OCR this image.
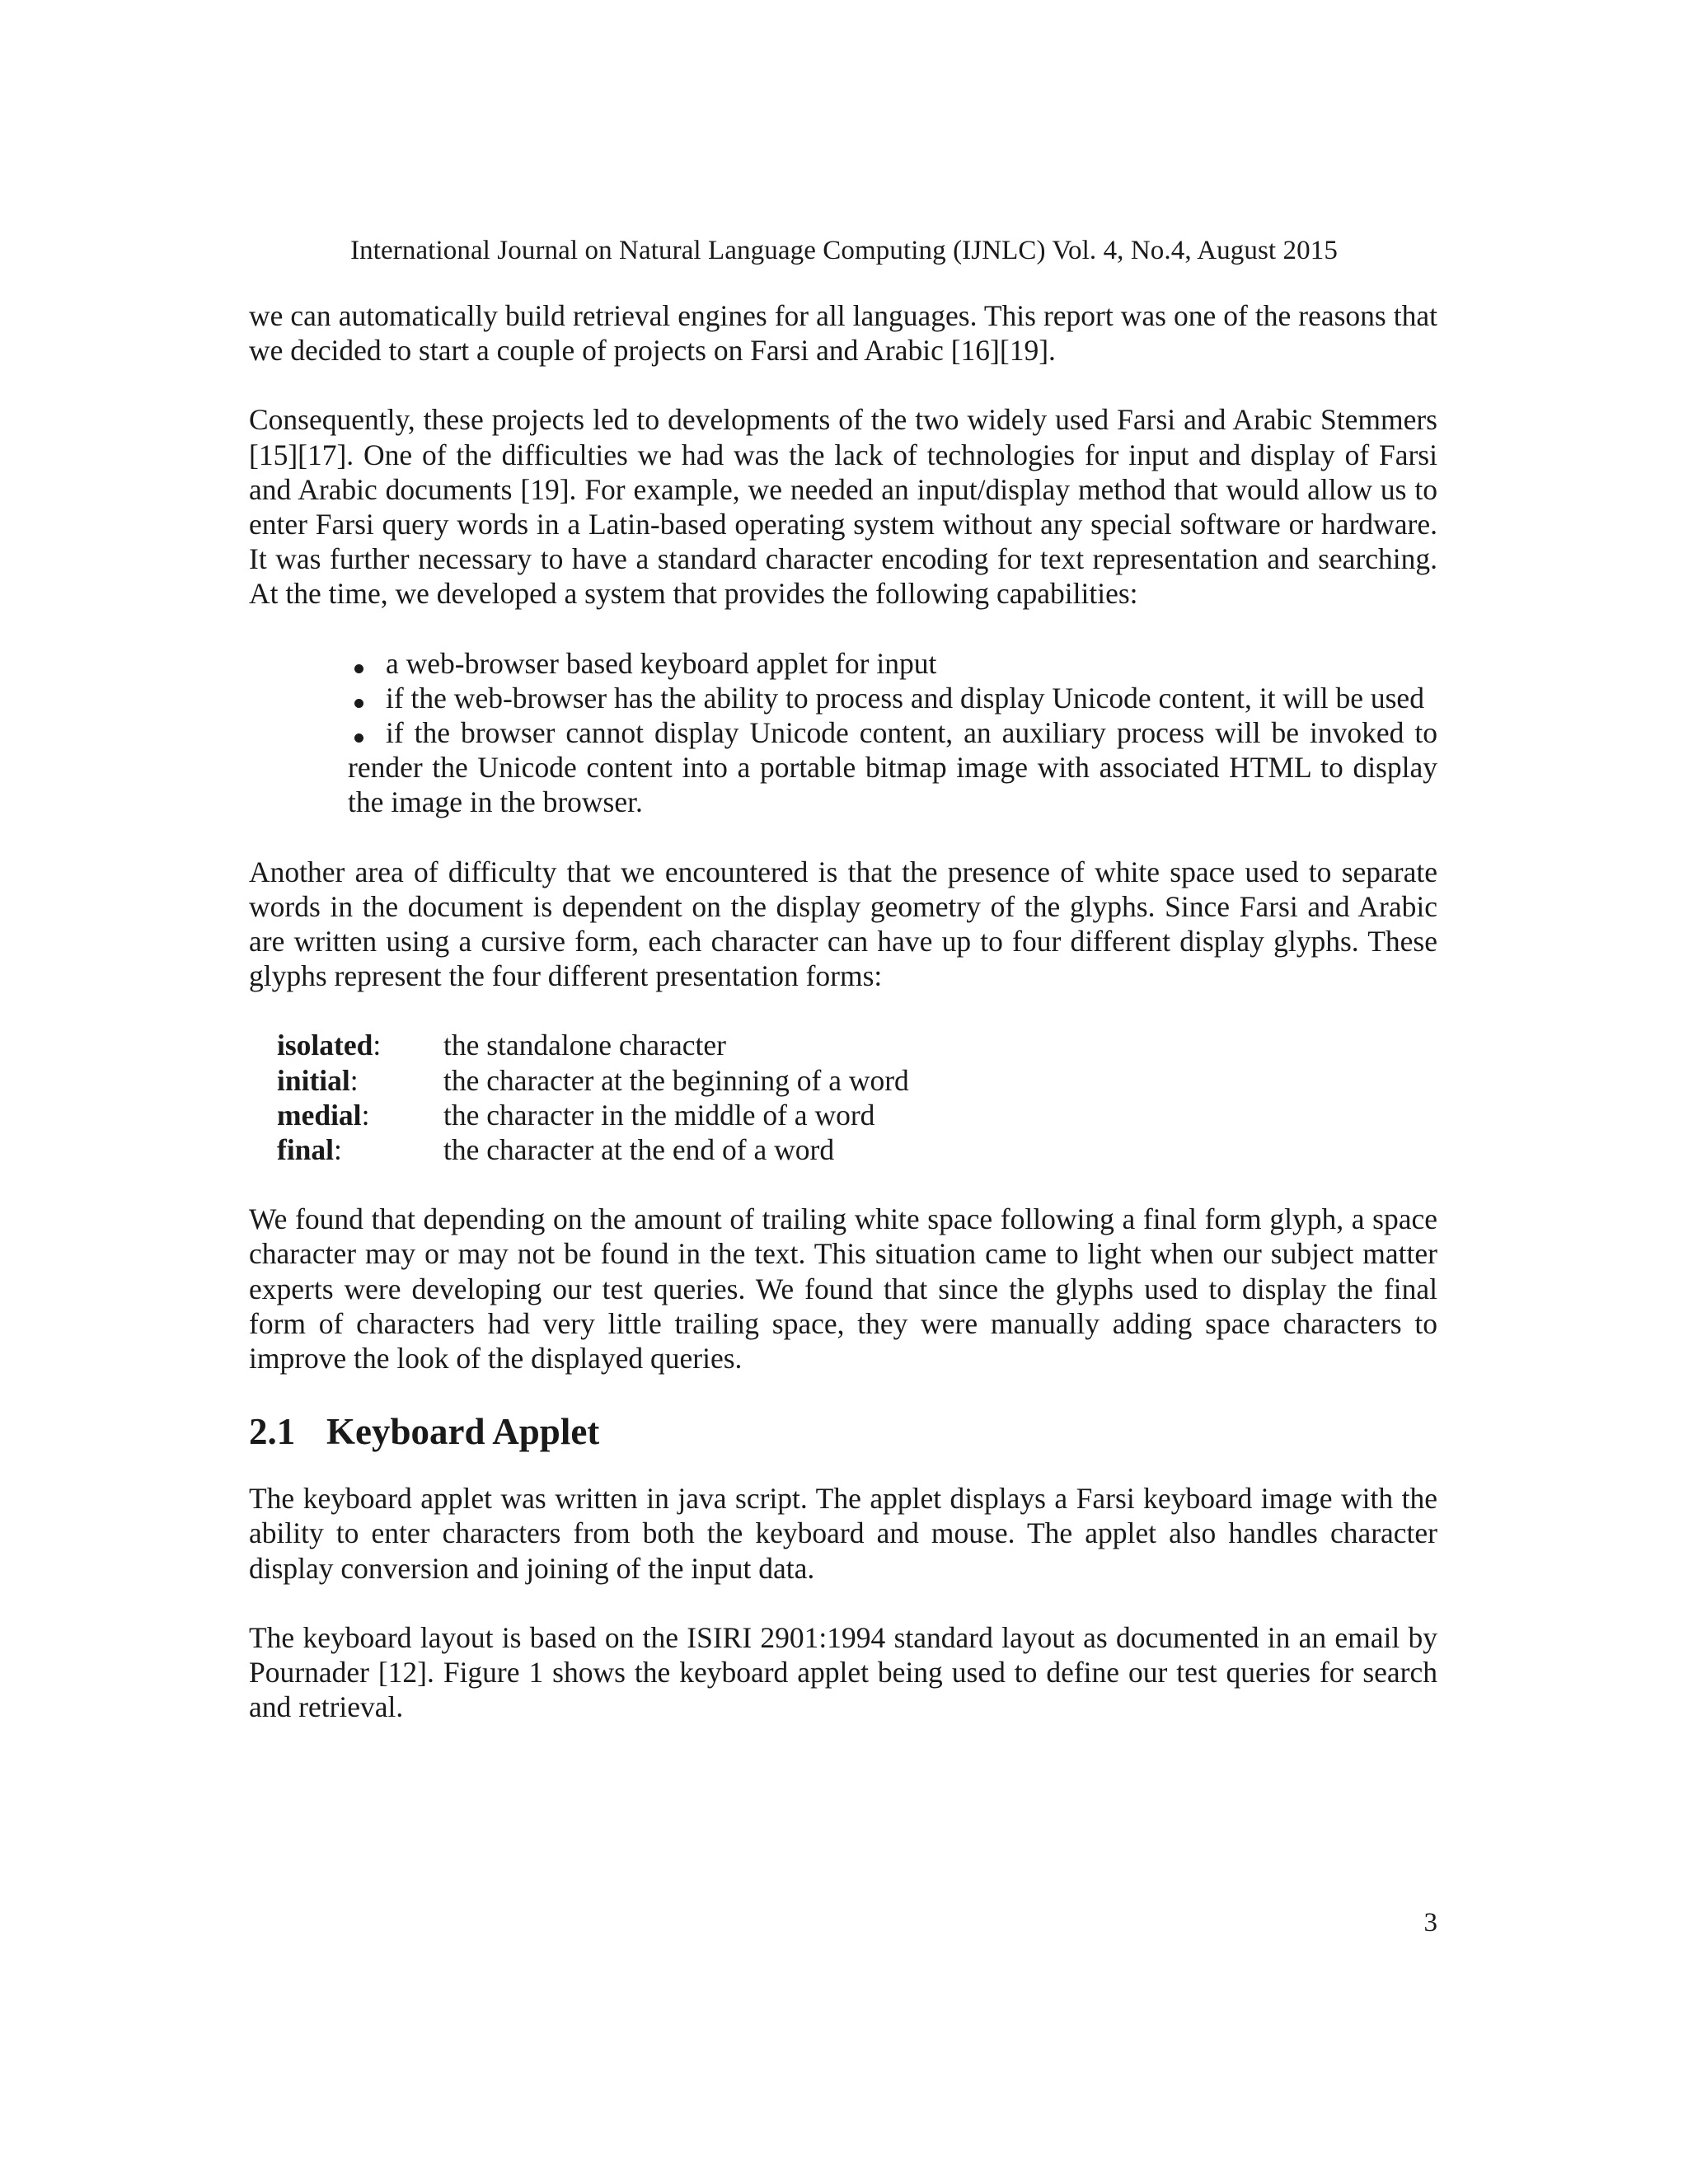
International Journal on Natural Language Computing (IJNLC) Vol. 4, No.4, August 2015

we can automatically build retrieval engines for all languages. This report was one of the reasons that we decided to start a couple of projects on Farsi and Arabic [16][19].

Consequently, these projects led to developments of the two widely used Farsi and Arabic Stemmers [15][17]. One of the difficulties we had was the lack of technologies for input and display of Farsi and Arabic documents [19]. For example, we needed an input/display method that would allow us to enter Farsi query words in a Latin-based operating system without any special software or hardware. It was further necessary to have a standard character encoding for text representation and searching. At the time, we developed a system that provides the following capabilities:

a web-browser based keyboard applet for input
if the web-browser has the ability to process and display Unicode content, it will be used
if the browser cannot display Unicode content, an auxiliary process will be invoked to render the Unicode content into a portable bitmap image with associated HTML to display the image in the browser.

Another area of difficulty that we encountered is that the presence of white space used to separate words in the document is dependent on the display geometry of the glyphs. Since Farsi and Arabic are written using a cursive form, each character can have up to four different display glyphs. These glyphs represent the four different presentation forms:

isolated:	the standalone character
initial:	the character at the beginning of a word
medial:	the character in the middle of a word
final:	the character at the end of a word

We found that depending on the amount of trailing white space following a final form glyph, a space character may or may not be found in the text. This situation came to light when our subject matter experts were developing our test queries. We found that since the glyphs used to display the final form of characters had very little trailing space, they were manually adding space characters to improve the look of the displayed queries.

2.1 Keyboard Applet

The keyboard applet was written in java script. The applet displays a Farsi keyboard image with the ability to enter characters from both the keyboard and mouse. The applet also handles character display conversion and joining of the input data.

The keyboard layout is based on the ISIRI 2901:1994 standard layout as documented in an email by Pournader [12]. Figure 1 shows the keyboard applet being used to define our test queries for search and retrieval.

3
